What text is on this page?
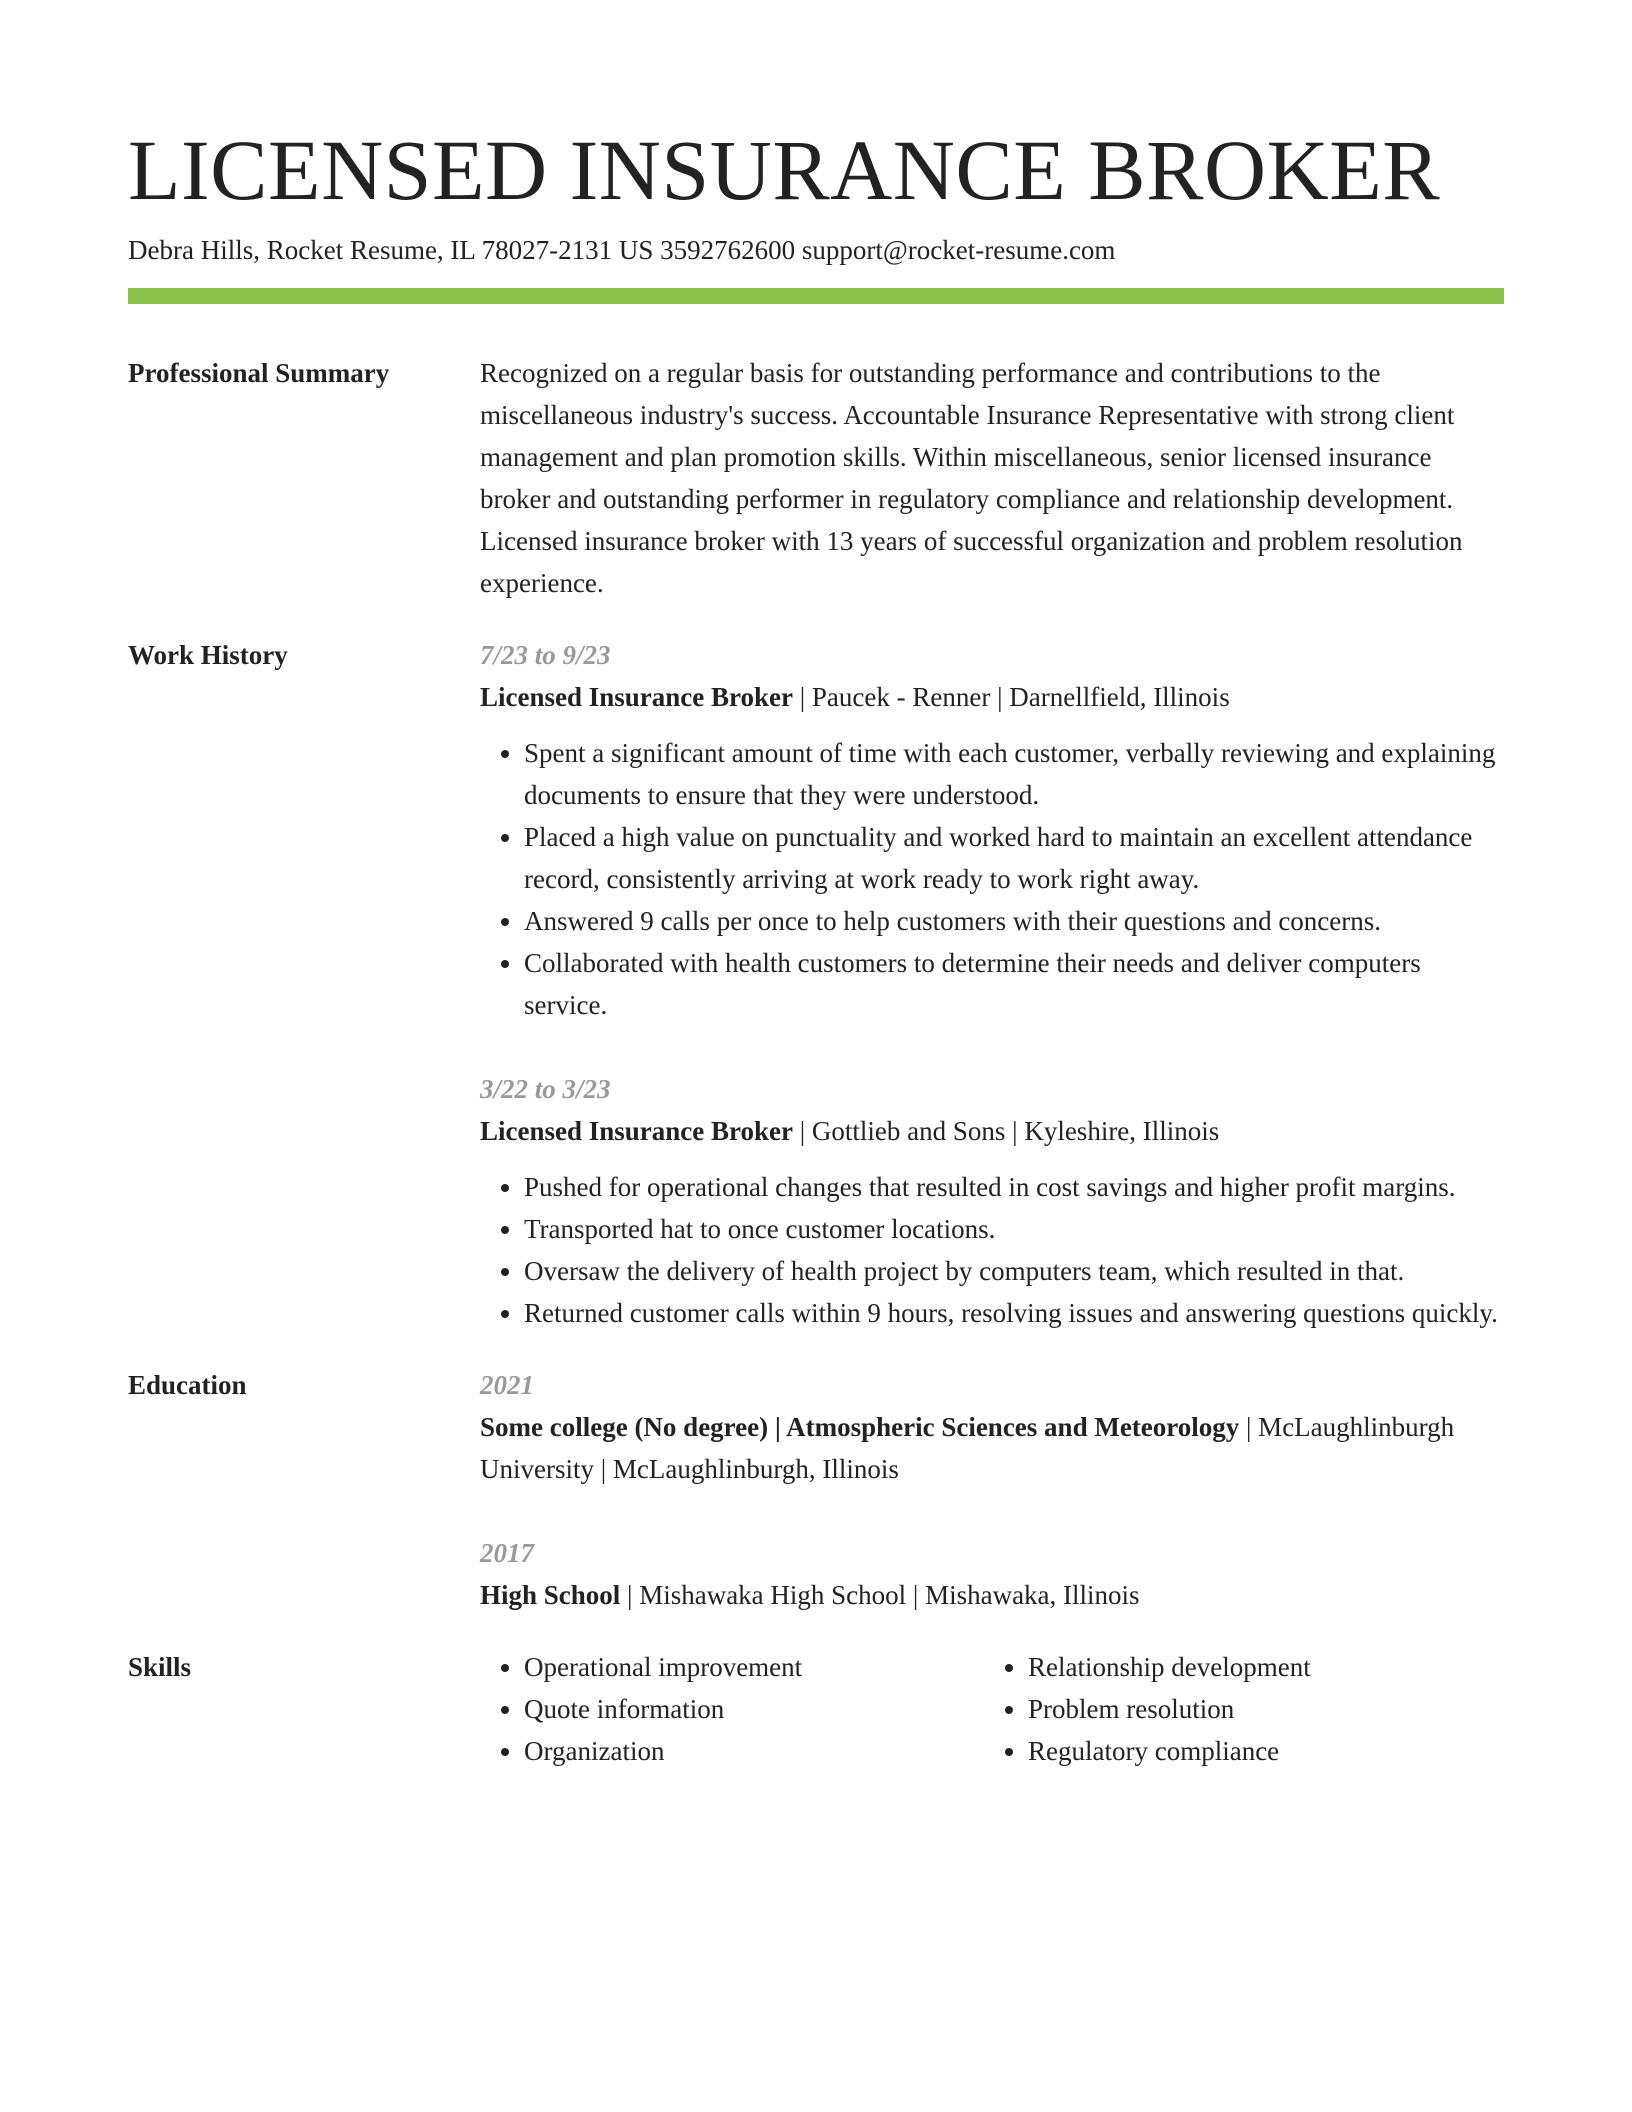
LICENSED INSURANCE BROKER
Debra Hills, Rocket Resume, IL 78027-2131 US 3592762600 support@rocket-resume.com
Professional Summary	Recognized on a regular basis for outstanding performance and contributions to the miscellaneous industry's success. Accountable Insurance Representative with strong client management and plan promotion skills. Within miscellaneous, senior licensed insurance broker and outstanding performer in regulatory compliance and relationship development. Licensed insurance broker with 13 years of successful organization and problem resolution experience.
Work History	7/23 to 9/23
Licensed Insurance Broker | Paucek - Renner | Darnellfield, Illinois
• Spent a significant amount of time with each customer, verbally reviewing and explaining documents to ensure that they were understood.
• Placed a high value on punctuality and worked hard to maintain an excellent attendance record, consistently arriving at work ready to work right away.
• Answered 9 calls per once to help customers with their questions and concerns.
• Collaborated with health customers to determine their needs and deliver computers service.
3/22 to 3/23
Licensed Insurance Broker | Gottlieb and Sons | Kyleshire, Illinois
• Pushed for operational changes that resulted in cost savings and higher profit margins.
• Transported hat to once customer locations.
• Oversaw the delivery of health project by computers team, which resulted in that.
• Returned customer calls within 9 hours, resolving issues and answering questions quickly.
Education	2021
Some college (No degree) | Atmospheric Sciences and Meteorology | McLaughlinburgh University | McLaughlinburgh, Illinois
2017
High School | Mishawaka High School | Mishawaka, Illinois
Skills
•	Operational improvement
• Quote information
• Organization
• Relationship development
• Problem resolution
• Regulatory compliance
